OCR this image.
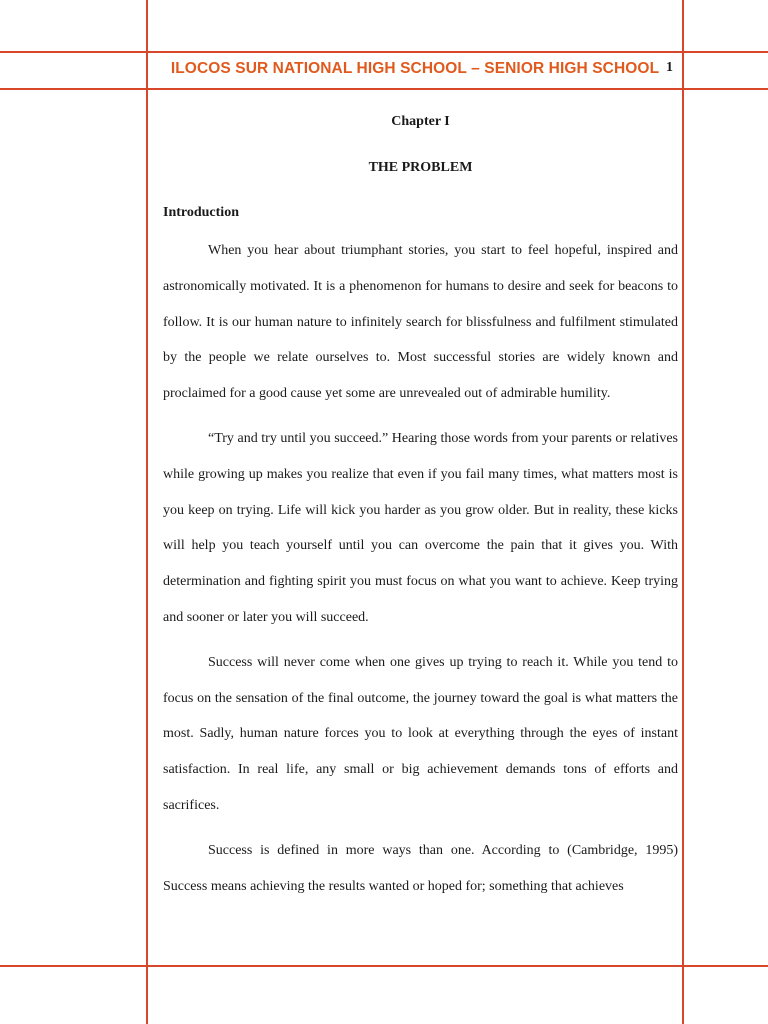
ILOCOS SUR NATIONAL HIGH SCHOOL – SENIOR HIGH SCHOOL 1
Chapter I
THE PROBLEM
Introduction

When you hear about triumphant stories, you start to feel hopeful, inspired and astronomically motivated. It is a phenomenon for humans to desire and seek for beacons to follow. It is our human nature to infinitely search for blissfulness and fulfilment stimulated by the people we relate ourselves to. Most successful stories are widely known and proclaimed for a good cause yet some are unrevealed out of admirable humility.

“Try and try until you succeed.” Hearing those words from your parents or relatives while growing up makes you realize that even if you fail many times, what matters most is you keep on trying. Life will kick you harder as you grow older. But in reality, these kicks will help you teach yourself until you can overcome the pain that it gives you. With determination and fighting spirit you must focus on what you want to achieve. Keep trying and sooner or later you will succeed.

Success will never come when one gives up trying to reach it. While you tend to focus on the sensation of the final outcome, the journey toward the goal is what matters the most. Sadly, human nature forces you to look at everything through the eyes of instant satisfaction. In real life, any small or big achievement demands tons of efforts and sacrifices.

Success is defined in more ways than one. According to (Cambridge, 1995) Success means achieving the results wanted or hoped for; something that achieves
